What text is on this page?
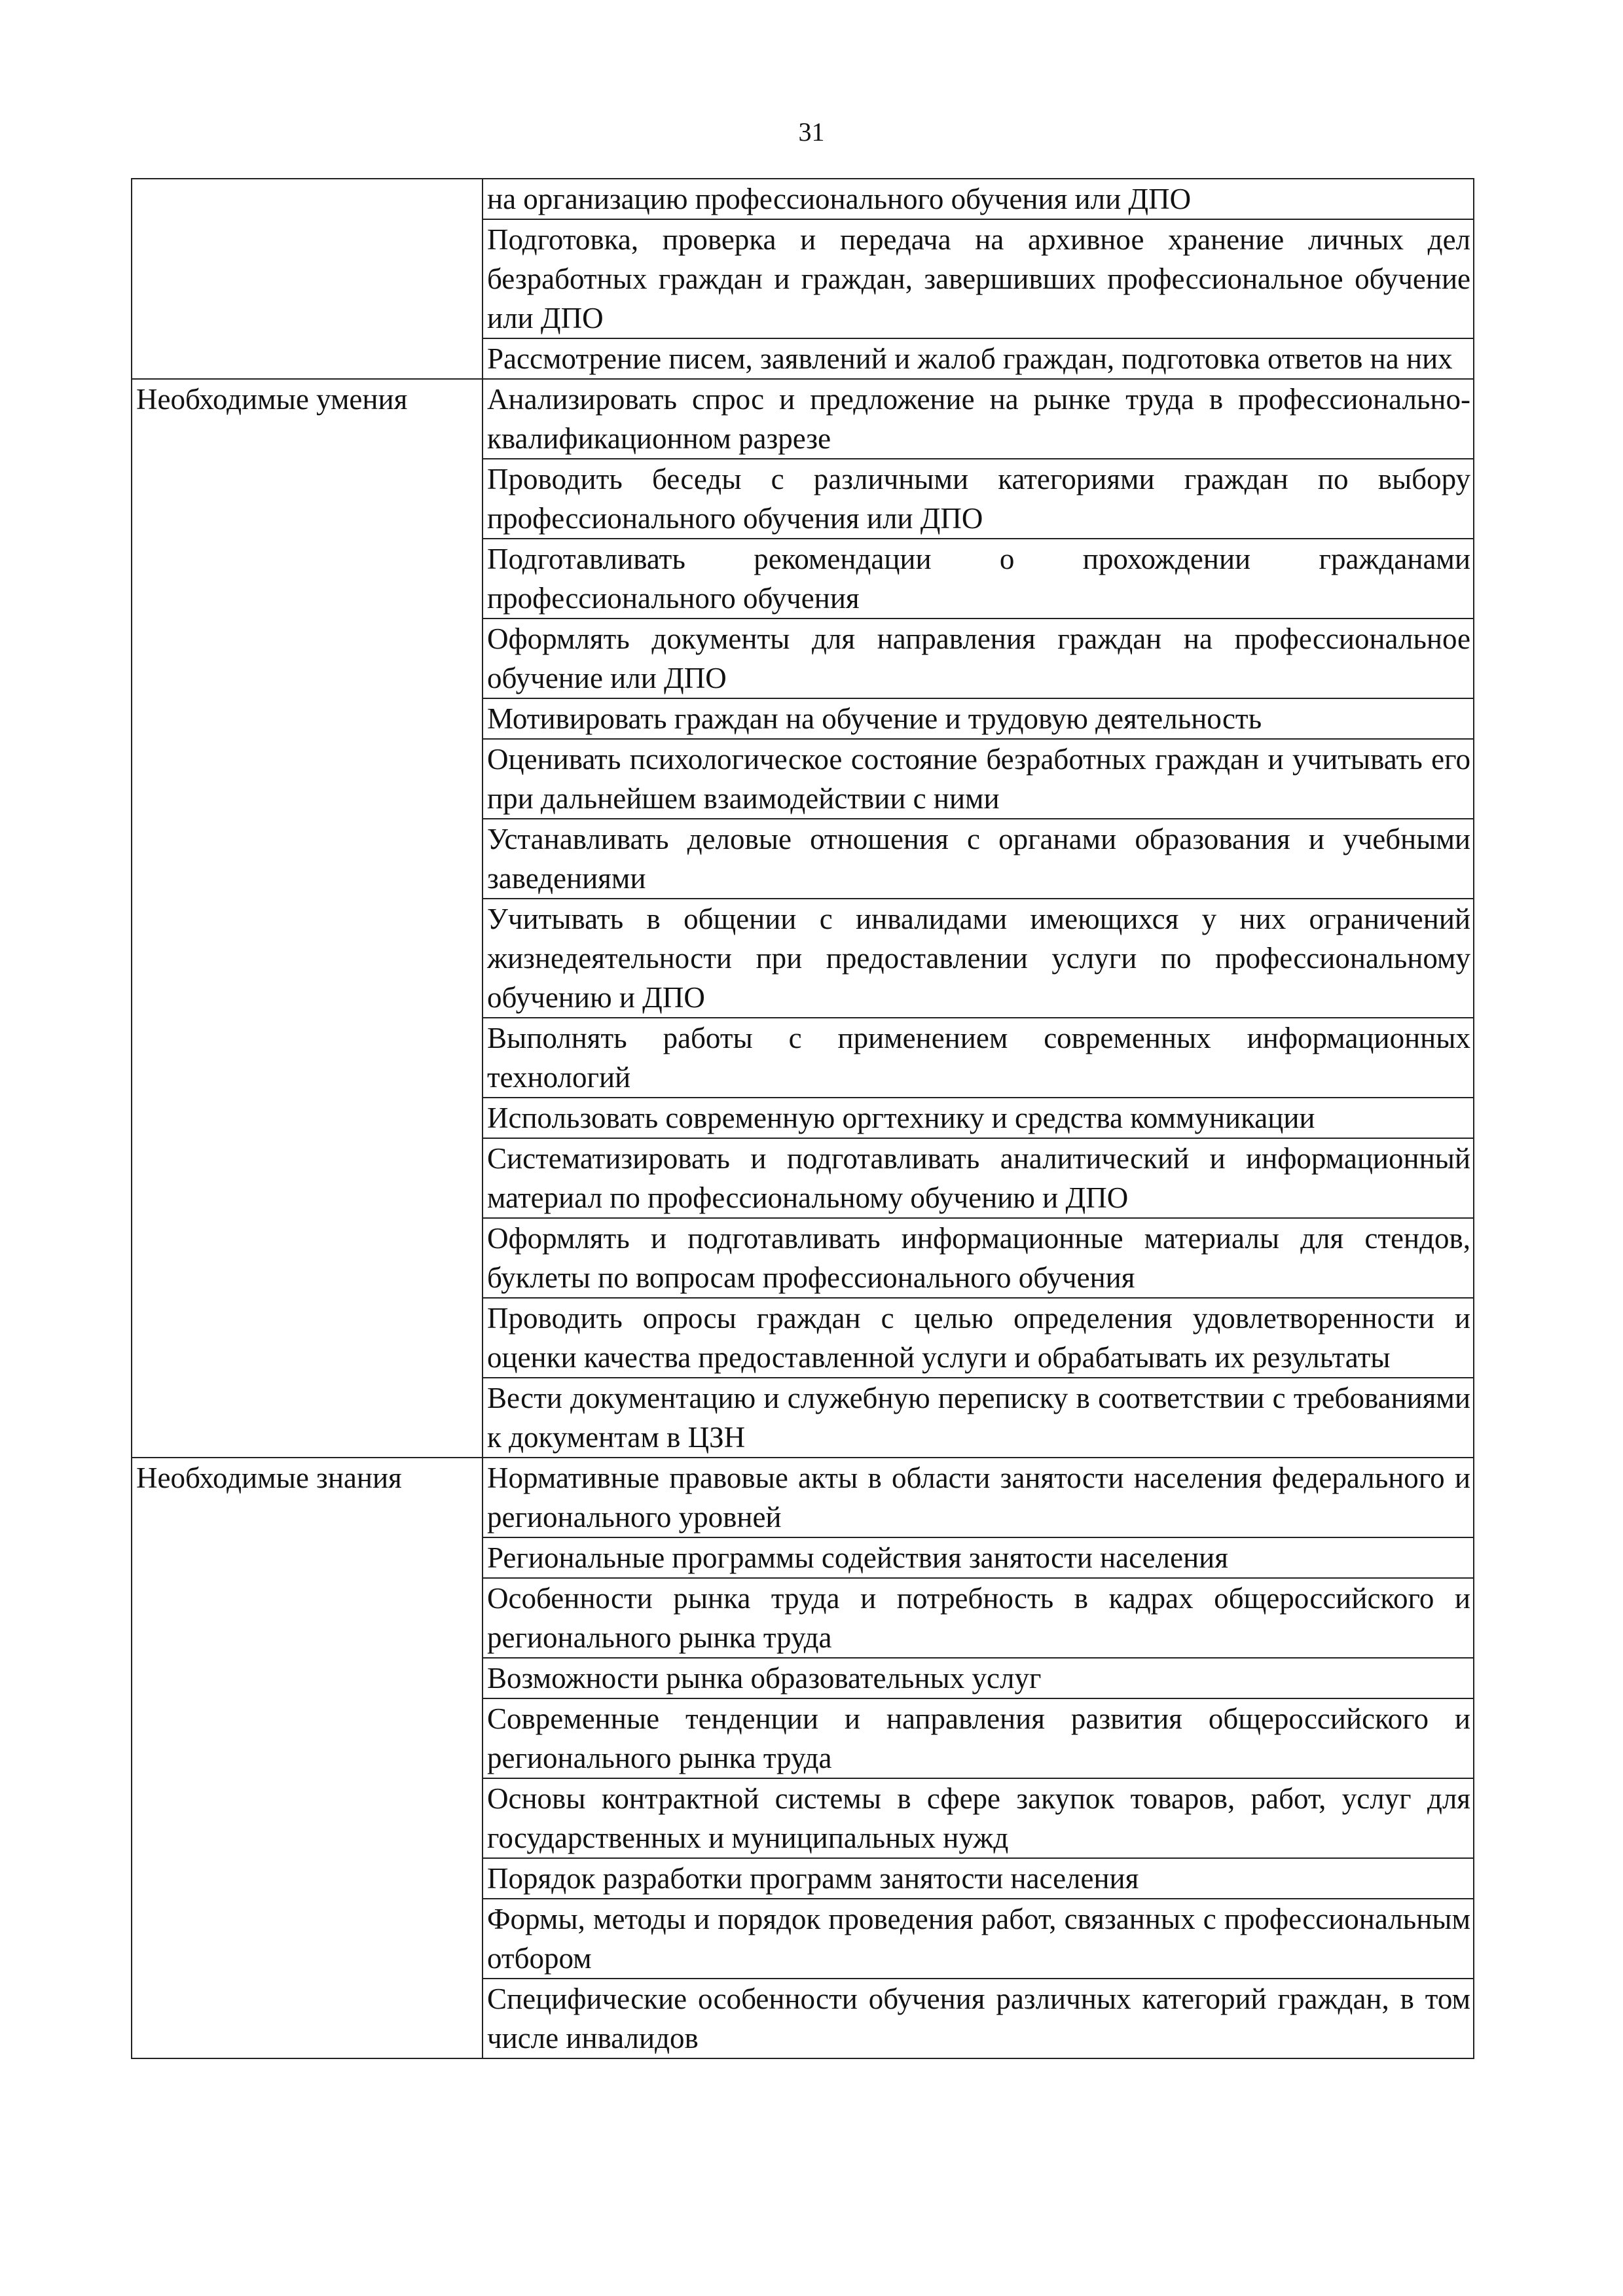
31
	на организацию профессионального обучения или ДПО
	Подготовка, проверка и передача на архивное хранение личных дел безработных граждан и граждан, завершивших профессиональное обучение или ДПО
	Рассмотрение писем, заявлений и жалоб граждан, подготовка ответов на них
Необходимые умения	Анализировать спрос и предложение на рынке труда в профессионально-квалификационном разрезе
	Проводить беседы с различными категориями граждан по выбору профессионального обучения или ДПО
	Подготавливать рекомендации о прохождении гражданами профессионального обучения
	Оформлять документы для направления граждан на профессиональное обучение или ДПО
	Мотивировать граждан на обучение и трудовую деятельность
	Оценивать психологическое состояние безработных граждан и учитывать его при дальнейшем взаимодействии с ними
	Устанавливать деловые отношения с органами образования и учебными заведениями
	Учитывать в общении с инвалидами имеющихся у них ограничений жизнедеятельности при предоставлении услуги по профессиональному обучению и ДПО
	Выполнять работы с применением современных информационных технологий
	Использовать современную оргтехнику и средства коммуникации
	Систематизировать и подготавливать аналитический и информационный материал по профессиональному обучению и ДПО
	Оформлять и подготавливать информационные материалы для стендов, буклеты по вопросам профессионального обучения
	Проводить опросы граждан с целью определения удовлетворенности и оценки качества предоставленной услуги и обрабатывать их результаты
	Вести документацию и служебную переписку в соответствии с требованиями к документам в ЦЗН
Необходимые знания	Нормативные правовые акты в области занятости населения федерального и регионального уровней
	Региональные программы содействия занятости населения
	Особенности рынка труда и потребность в кадрах общероссийского и регионального рынка труда
	Возможности рынка образовательных услуг
	Современные тенденции и направления развития общероссийского и регионального рынка труда
	Основы контрактной системы в сфере закупок товаров, работ, услуг для государственных и муниципальных нужд
	Порядок разработки программ занятости населения
	Формы, методы и порядок проведения работ, связанных с профессиональным отбором
	Специфические особенности обучения различных категорий граждан, в том числе инвалидов
